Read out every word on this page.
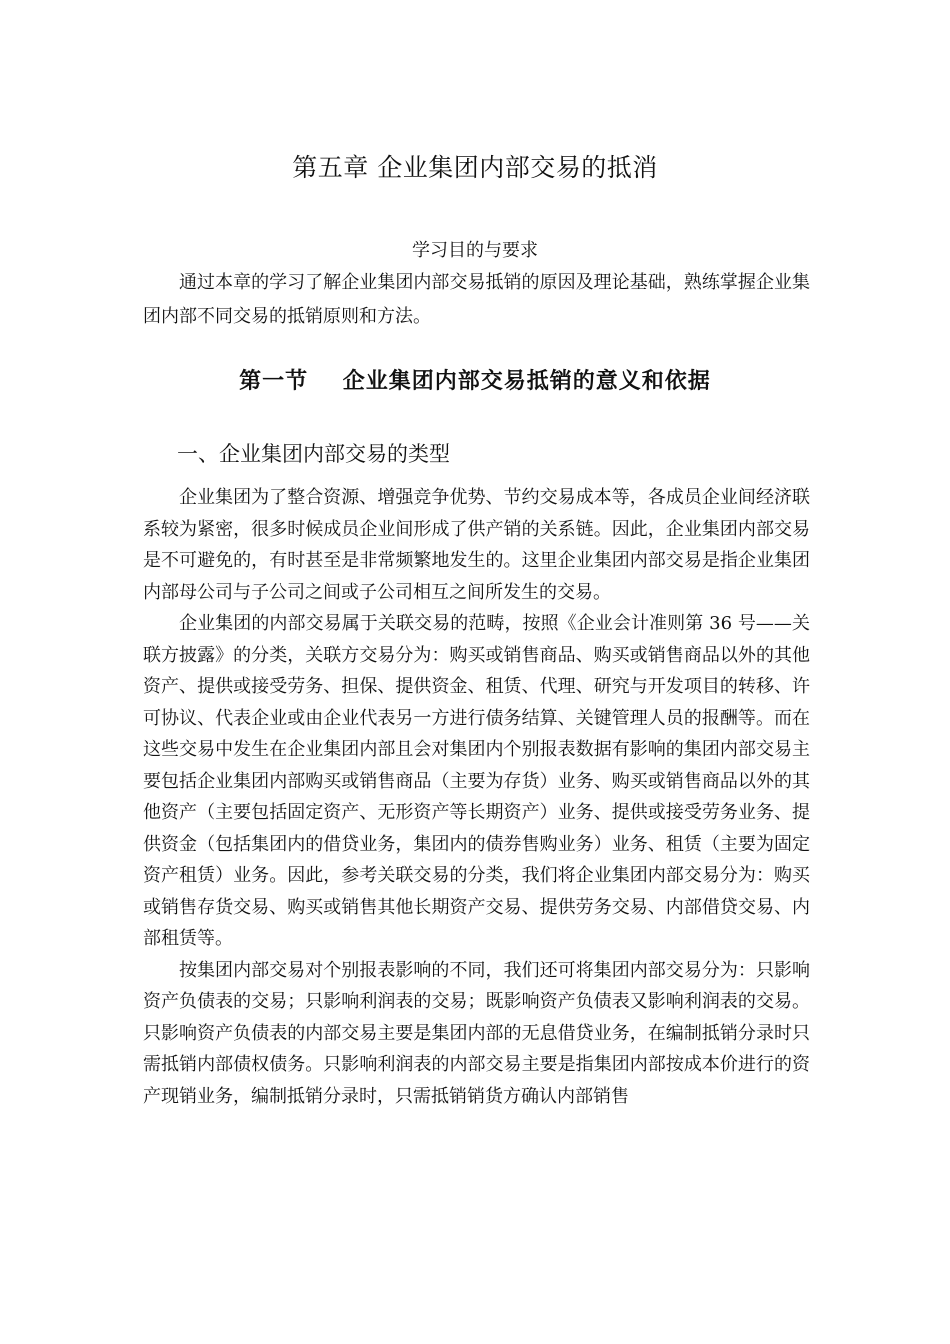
第五章 企业集团内部交易的抵消
学习目的与要求
通过本章的学习了解企业集团内部交易抵销的原因及理论基础，熟练掌握企业集团内部不同交易的抵销原则和方法。
第一节    企业集团内部交易抵销的意义和依据
一、企业集团内部交易的类型

企业集团为了整合资源、增强竞争优势、节约交易成本等，各成员企业间经济联系较为紧密，很多时候成员企业间形成了供产销的关系链。因此，企业集团内部交易是不可避免的，有时甚至是非常频繁地发生的。这里企业集团内部交易是指企业集团内部母公司与子公司之间或子公司相互之间所发生的交易。

企业集团的内部交易属于关联交易的范畴，按照《企业会计准则第 36 号——关联方披露》的分类，关联方交易分为：购买或销售商品、购买或销售商品以外的其他资产、提供或接受劳务、担保、提供资金、租赁、代理、研究与开发项目的转移、许可协议、代表企业或由企业代表另一方进行债务结算、关键管理人员的报酬等。而在这些交易中发生在企业集团内部且会对集团内个别报表数据有影响的集团内部交易主要包括企业集团内部购买或销售商品（主要为存货）业务、购买或销售商品以外的其他资产（主要包括固定资产、无形资产等长期资产）业务、提供或接受劳务业务、提供资金（包括集团内的借贷业务，集团内的债券售购业务）业务、租赁（主要为固定资产租赁）业务。因此，参考关联交易的分类，我们将企业集团内部交易分为：购买或销售存货交易、购买或销售其他长期资产交易、提供劳务交易、内部借贷交易、内部租赁等。

按集团内部交易对个别报表影响的不同，我们还可将集团内部交易分为：只影响资产负债表的交易；只影响利润表的交易；既影响资产负债表又影响利润表的交易。只影响资产负债表的内部交易主要是集团内部的无息借贷业务，在编制抵销分录时只需抵销内部债权债务。只影响利润表的内部交易主要是指集团内部按成本价进行的资产现销业务，编制抵销分录时，只需抵销销货方确认内部销售
